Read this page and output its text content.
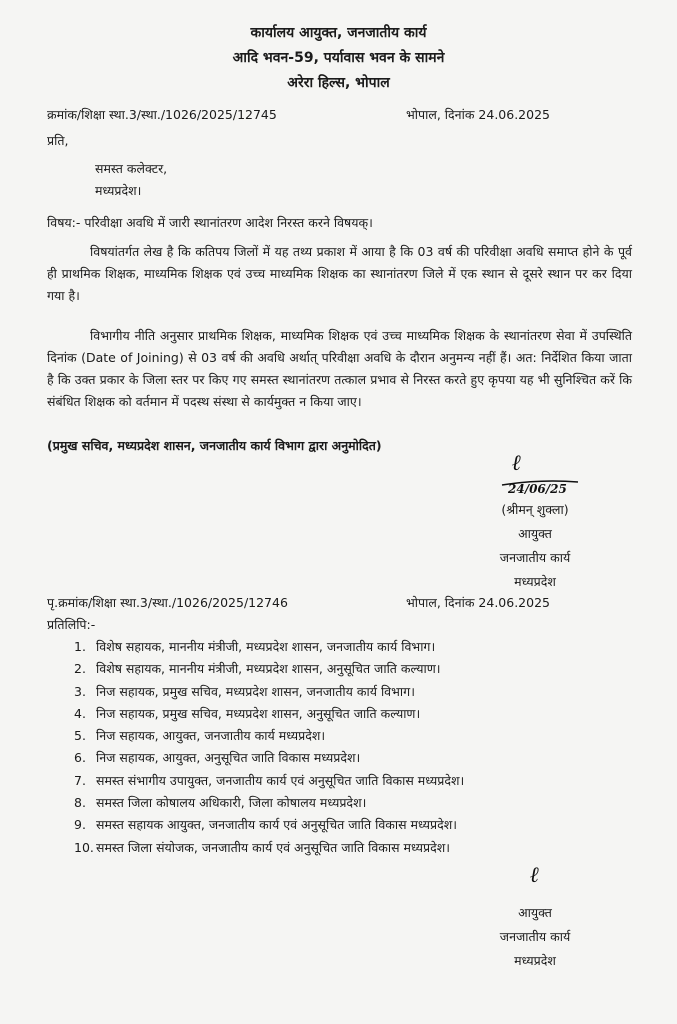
कार्यालय आयुक्त, जनजातीय कार्य
आदि भवन-59, पर्यावास भवन के सामने
अरेरा हिल्स, भोपाल
क्रमांक/शिक्षा स्था.3/स्था./1026/2025/12745	भोपाल, दिनांक 24.06.2025
प्रति,
समस्त कलेक्टर,
मध्यप्रदेश।
विषय:- परिवीक्षा अवधि में जारी स्थानांतरण आदेश निरस्त करने विषयक्।
विषयांतर्गत लेख है कि कतिपय जिलों में यह तथ्य प्रकाश में आया है कि 03 वर्ष की परिवीक्षा अवधि समाप्त होने के पूर्व ही प्राथमिक शिक्षक, माध्यमिक शिक्षक एवं उच्च माध्यमिक शिक्षक का स्थानांतरण जिले में एक स्थान से दूसरे स्थान पर कर दिया गया है।
विभागीय नीति अनुसार प्राथमिक शिक्षक, माध्यमिक शिक्षक एवं उच्च माध्यमिक शिक्षक के स्थानांतरण सेवा में उपस्थिति दिनांक (Date of Joining) से 03 वर्ष की अवधि अर्थात् परिवीक्षा अवधि के दौरान अनुमन्य नहीं हैं। अत: निर्देशित किया जाता है कि उक्त प्रकार के जिला स्तर पर किए गए समस्त स्थानांतरण तत्काल प्रभाव से निरस्त करते हुए कृपया यह भी सुनिश्चित करें कि संबंधित शिक्षक को वर्तमान में पदस्थ संस्था से कार्यमुक्त न किया जाए।
(प्रमुख सचिव, मध्यप्रदेश शासन, जनजातीय कार्य विभाग द्वारा अनुमोदित)
ℓ
24/06/25
(श्रीमन् शुक्ला)
आयुक्त
जनजातीय कार्य
मध्यप्रदेश
पृ.क्रमांक/शिक्षा स्था.3/स्था./1026/2025/12746	भोपाल, दिनांक 24.06.2025
प्रतिलिपि:-
1. विशेष सहायक, माननीय मंत्रीजी, मध्यप्रदेश शासन, जनजातीय कार्य विभाग।
2. विशेष सहायक, माननीय मंत्रीजी, मध्यप्रदेश शासन, अनुसूचित जाति कल्याण।
3. निज सहायक, प्रमुख सचिव, मध्यप्रदेश शासन, जनजातीय कार्य विभाग।
4. निज सहायक, प्रमुख सचिव, मध्यप्रदेश शासन, अनुसूचित जाति कल्याण।
5. निज सहायक, आयुक्त, जनजातीय कार्य मध्यप्रदेश।
6. निज सहायक, आयुक्त, अनुसूचित जाति विकास मध्यप्रदेश।
7. समस्त संभागीय उपायुक्त, जनजातीय कार्य एवं अनुसूचित जाति विकास मध्यप्रदेश।
8. समस्त जिला कोषालय अधिकारी, जिला कोषालय मध्यप्रदेश।
9. समस्त सहायक आयुक्त, जनजातीय कार्य एवं अनुसूचित जाति विकास मध्यप्रदेश।
10. समस्त जिला संयोजक, जनजातीय कार्य एवं अनुसूचित जाति विकास मध्यप्रदेश।
ℓ
आयुक्त
जनजातीय कार्य
मध्यप्रदेश
